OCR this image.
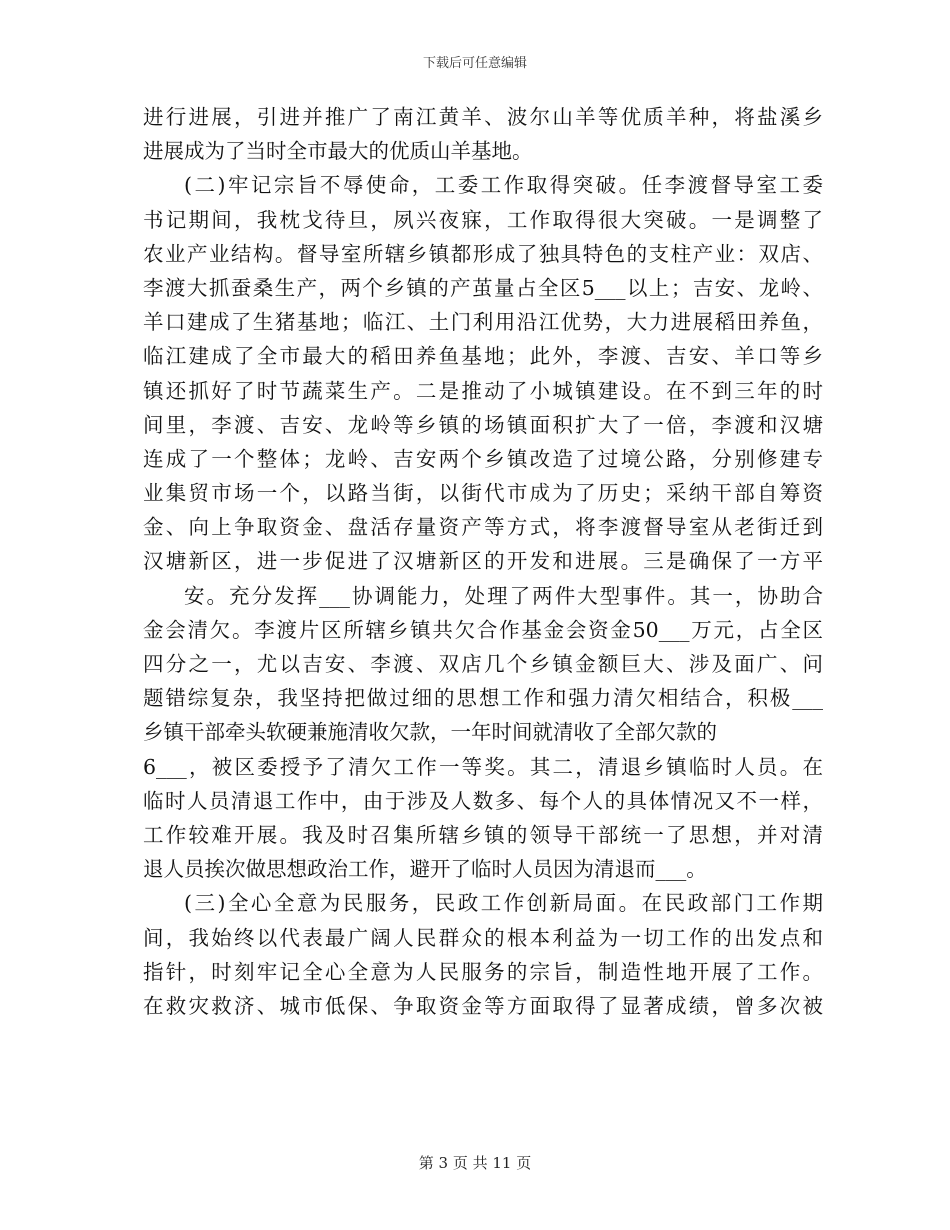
下载后可任意编辑
进行进展，引进并推广了南江黄羊、波尔山羊等优质羊种，将盐溪乡
进展成为了当时全市最大的优质山羊基地。
(二)牢记宗旨不辱使命，工委工作取得突破。任李渡督导室工委
书记期间，我枕戈待旦，夙兴夜寐，工作取得很大突破。一是调整了
农业产业结构。督导室所辖乡镇都形成了独具特色的支柱产业：双店、
李渡大抓蚕桑生产，两个乡镇的产茧量占全区5___以上；吉安、龙岭、
羊口建成了生猪基地；临江、土门利用沿江优势，大力进展稻田养鱼，
临江建成了全市最大的稻田养鱼基地；此外，李渡、吉安、羊口等乡
镇还抓好了时节蔬菜生产。二是推动了小城镇建设。在不到三年的时
间里，李渡、吉安、龙岭等乡镇的场镇面积扩大了一倍，李渡和汉塘
连成了一个整体；龙岭、吉安两个乡镇改造了过境公路，分别修建专
业集贸市场一个，以路当街，以街代市成为了历史；采纳干部自筹资
金、向上争取资金、盘活存量资产等方式，将李渡督导室从老街迁到
汉塘新区，进一步促进了汉塘新区的开发和进展。三是确保了一方平
安。充分发挥___协调能力，处理了两件大型事件。其一，协助合
金会清欠。李渡片区所辖乡镇共欠合作基金会资金50___万元，占全区
四分之一，尤以吉安、李渡、双店几个乡镇金额巨大、涉及面广、问
题错综复杂，我坚持把做过细的思想工作和强力清欠相结合，积极___
乡镇干部牵头软硬兼施清收欠款，一年时间就清收了全部欠款的
6___，被区委授予了清欠工作一等奖。其二，清退乡镇临时人员。在
临时人员清退工作中，由于涉及人数多、每个人的具体情况又不一样，
工作较难开展。我及时召集所辖乡镇的领导干部统一了思想，并对清
退人员挨次做思想政治工作，避开了临时人员因为清退而___。
(三)全心全意为民服务，民政工作创新局面。在民政部门工作期
间，我始终以代表最广阔人民群众的根本利益为一切工作的出发点和
指针，时刻牢记全心全意为人民服务的宗旨，制造性地开展了工作。
在救灾救济、城市低保、争取资金等方面取得了显著成绩，曾多次被
第 3 页 共 11 页
